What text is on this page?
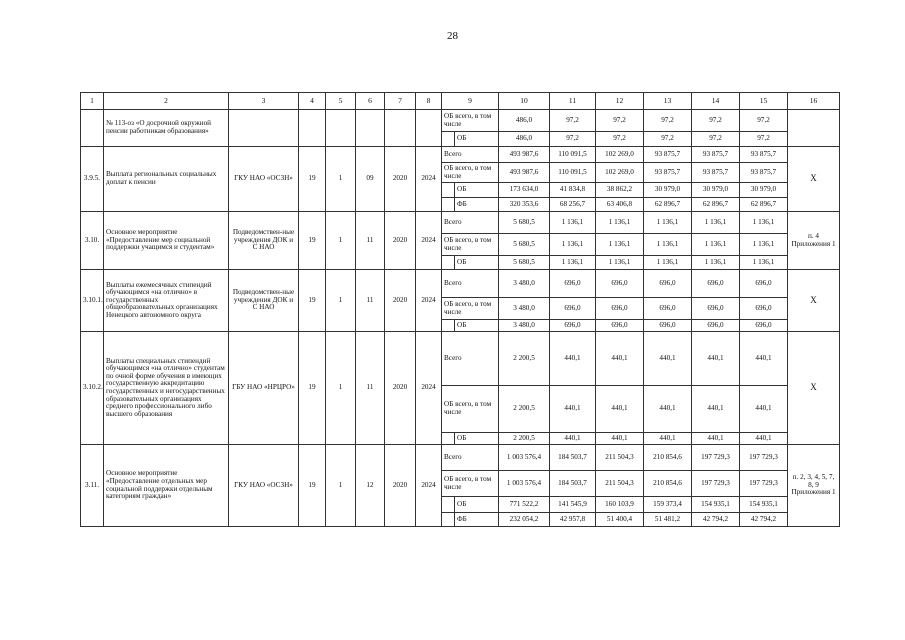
28
1	2	3	4	5	6	7	8	9		10	11	12	13	14	15	16
	№ 113-оз «О досрочной окружной пенсии работникам образования»							ОБ всего, в том числе		486,0	97,2	97,2	97,2	97,2	97,2	
									ОБ	486,0	97,2	97,2	97,2	97,2	97,2	
3.9.5.	Выплата региональных социальных доплат к пенсии	ГКУ НАО «ОСЗН»	19	1	09	2020	2024	Всего		493 987,6	110 091,5	102 269,0	93 875,7	93 875,7	93 875,7	Х
								ОБ всего, в том числе		493 987,6	110 091,5	102 269,0	93 875,7	93 875,7	93 875,7	
									ОБ	173 634,0	41 834,8	38 862,2	30 979,0	30 979,0	30 979,0	
									ФБ	320 353,6	68 256,7	63 406,8	62 896,7	62 896,7	62 896,7	
3.10.	Основное мероприятие «Предоставление мер социальной поддержки учащимся и студентам»	Подведомствен-ные учреждения ДОК и С НАО	19	1	11	2020	2024	Всего		5 680,5	1 136,1	1 136,1	1 136,1	1 136,1	1 136,1	п. 4 Приложения 1
								ОБ всего, в том числе		5 680,5	1 136,1	1 136,1	1 136,1	1 136,1	1 136,1	
									ОБ	5 680,5	1 136,1	1 136,1	1 136,1	1 136,1	1 136,1	
3.10.1.	Выплаты ежемесячных стипендий обучающимся «на отлично» в государственных общеобразовательных организациях Ненецкого автономного округа	Подведомствен-ные учреждения ДОК и С НАО	19	1	11	2020	2024	Всего		3 480,0	696,0	696,0	696,0	696,0	696,0	Х
								ОБ всего, в том числе		3 480,0	696,0	696,0	696,0	696,0	696,0	
									ОБ	3 480,0	696,0	696,0	696,0	696,0	696,0	
3.10.2.	Выплаты специальных стипендий обучающимся «на отлично» студентам по очной форме обучения в имеющих государственную аккредитацию государственных и негосударственных образовательных организациях среднего профессионального либо высшего образования	ГБУ НАО «НРЦРО»	19	1	11	2020	2024	Всего		2 200,5	440,1	440,1	440,1	440,1	440,1	Х
								ОБ всего, в том числе		2 200,5	440,1	440,1	440,1	440,1	440,1	
									ОБ	2 200,5	440,1	440,1	440,1	440,1	440,1	
3.11.	Основное мероприятие «Предоставление отдельных мер социальной поддержки отдельным категориям граждан»	ГКУ НАО «ОСЗН»	19	1	12	2020	2024	Всего		1 003 576,4	184 503,7	211 504,3	210 854,6	197 729,3	197 729,3	п. 2, 3, 4, 5, 7, 8, 9 Приложения 1
								ОБ всего, в том числе		1 003 576,4	184 503,7	211 504,3	210 854,6	197 729,3	197 729,3	
									ОБ	771 522,2	141 545,9	160 103,9	159 373,4	154 935,1	154 935,1	
									ФБ	232 054,2	42 957,8	51 400,4	51 481,2	42 794,2	42 794,2	
